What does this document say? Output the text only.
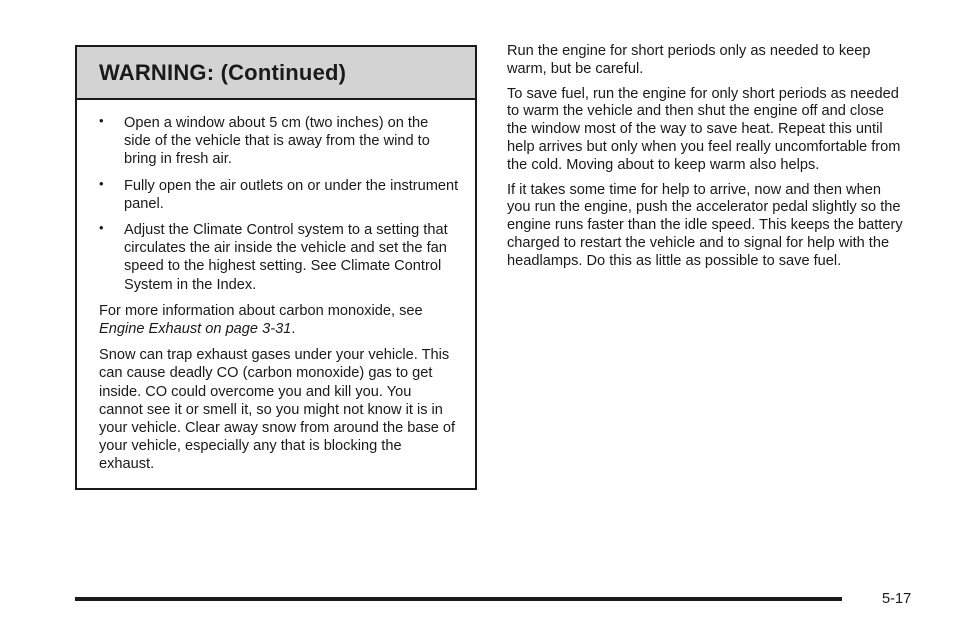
WARNING: (Continued)
• Open a window about 5 cm (two inches) on the side of the vehicle that is away from the wind to bring in fresh air.
• Fully open the air outlets on or under the instrument panel.
• Adjust the Climate Control system to a setting that circulates the air inside the vehicle and set the fan speed to the highest setting. See Climate Control System in the Index.

For more information about carbon monoxide, see
Engine Exhaust on page 3-31.

Snow can trap exhaust gases under your vehicle. This can cause deadly CO (carbon monoxide) gas to get inside. CO could overcome you and kill you. You cannot see it or smell it, so you might not know it is in your vehicle. Clear away snow from around the base of your vehicle, especially any that is blocking the exhaust.

Run the engine for short periods only as needed to keep warm, but be careful.

To save fuel, run the engine for only short periods as needed to warm the vehicle and then shut the engine off and close the window most of the way to save heat. Repeat this until help arrives but only when you feel really uncomfortable from the cold. Moving about to keep warm also helps.

If it takes some time for help to arrive, now and then when you run the engine, push the accelerator pedal slightly so the engine runs faster than the idle speed. This keeps the battery charged to restart the vehicle and to signal for help with the headlamps. Do this as little as possible to save fuel.

5-17
